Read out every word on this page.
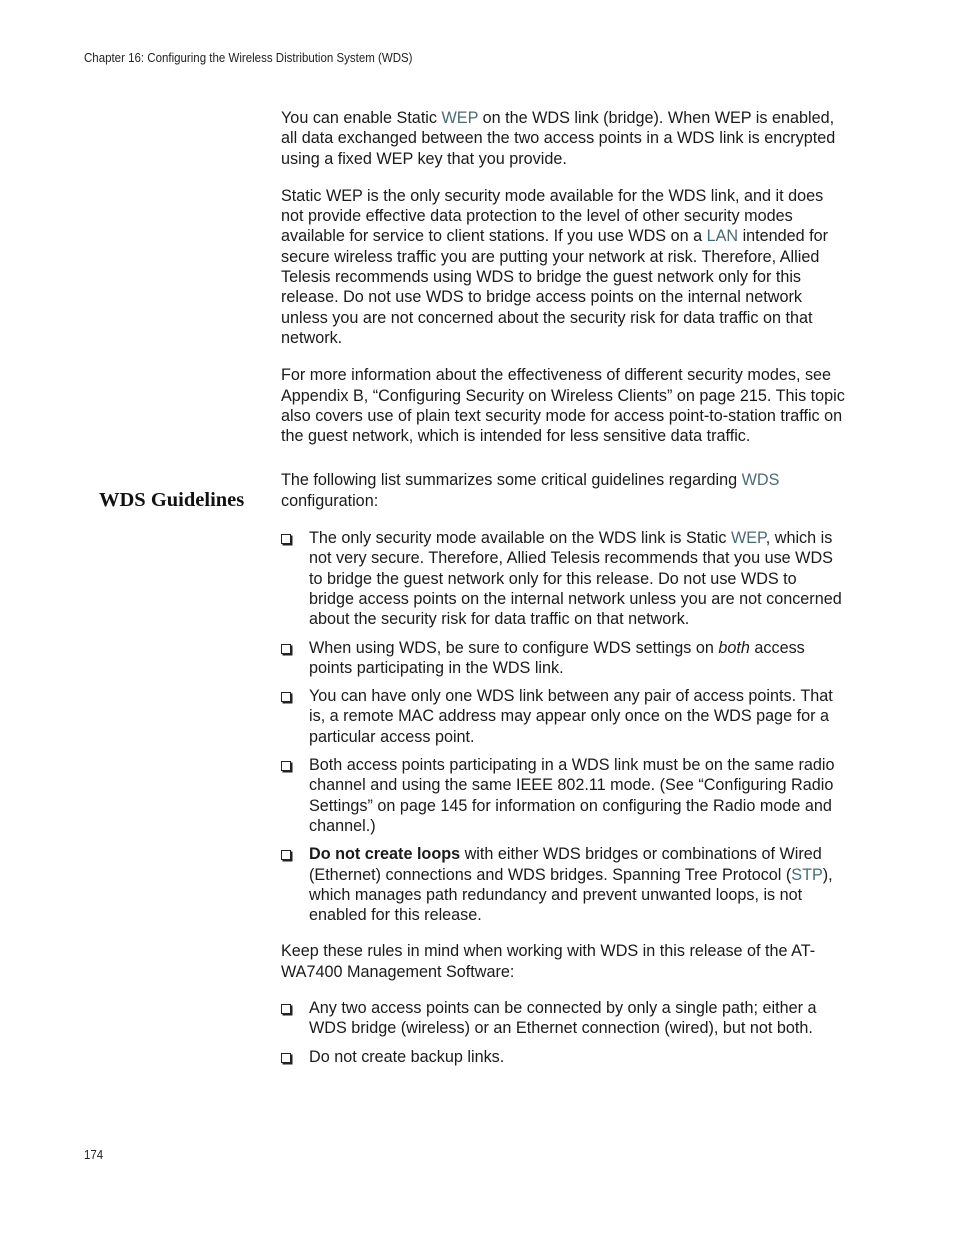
Chapter 16: Configuring the Wireless Distribution System (WDS)
WDS Guidelines

You can enable Static WEP on the WDS link (bridge). When WEP is enabled, all data exchanged between the two access points in a WDS link is encrypted using a fixed WEP key that you provide.

Static WEP is the only security mode available for the WDS link, and it does not provide effective data protection to the level of other security modes available for service to client stations. If you use WDS on a LAN intended for secure wireless traffic you are putting your network at risk. Therefore, Allied Telesis recommends using WDS to bridge the guest network only for this release. Do not use WDS to bridge access points on the internal network unless you are not concerned about the security risk for data traffic on that network.

For more information about the effectiveness of different security modes, see Appendix B, “Configuring Security on Wireless Clients” on page 215. This topic also covers use of plain text security mode for access point-to-station traffic on the guest network, which is intended for less sensitive data traffic.

The following list summarizes some critical guidelines regarding WDS configuration:

The only security mode available on the WDS link is Static WEP, which is not very secure. Therefore, Allied Telesis recommends that you use WDS to bridge the guest network only for this release. Do not use WDS to bridge access points on the internal network unless you are not concerned about the security risk for data traffic on that network.
When using WDS, be sure to configure WDS settings on both access points participating in the WDS link.
You can have only one WDS link between any pair of access points. That is, a remote MAC address may appear only once on the WDS page for a particular access point.
Both access points participating in a WDS link must be on the same radio channel and using the same IEEE 802.11 mode. (See “Configuring Radio Settings” on page 145 for information on configuring the Radio mode and channel.)
Do not create loops with either WDS bridges or combinations of Wired (Ethernet) connections and WDS bridges. Spanning Tree Protocol (STP), which manages path redundancy and prevent unwanted loops, is not enabled for this release.

Keep these rules in mind when working with WDS in this release of the AT-WA7400 Management Software:

Any two access points can be connected by only a single path; either a WDS bridge (wireless) or an Ethernet connection (wired), but not both.
Do not create backup links.
174
